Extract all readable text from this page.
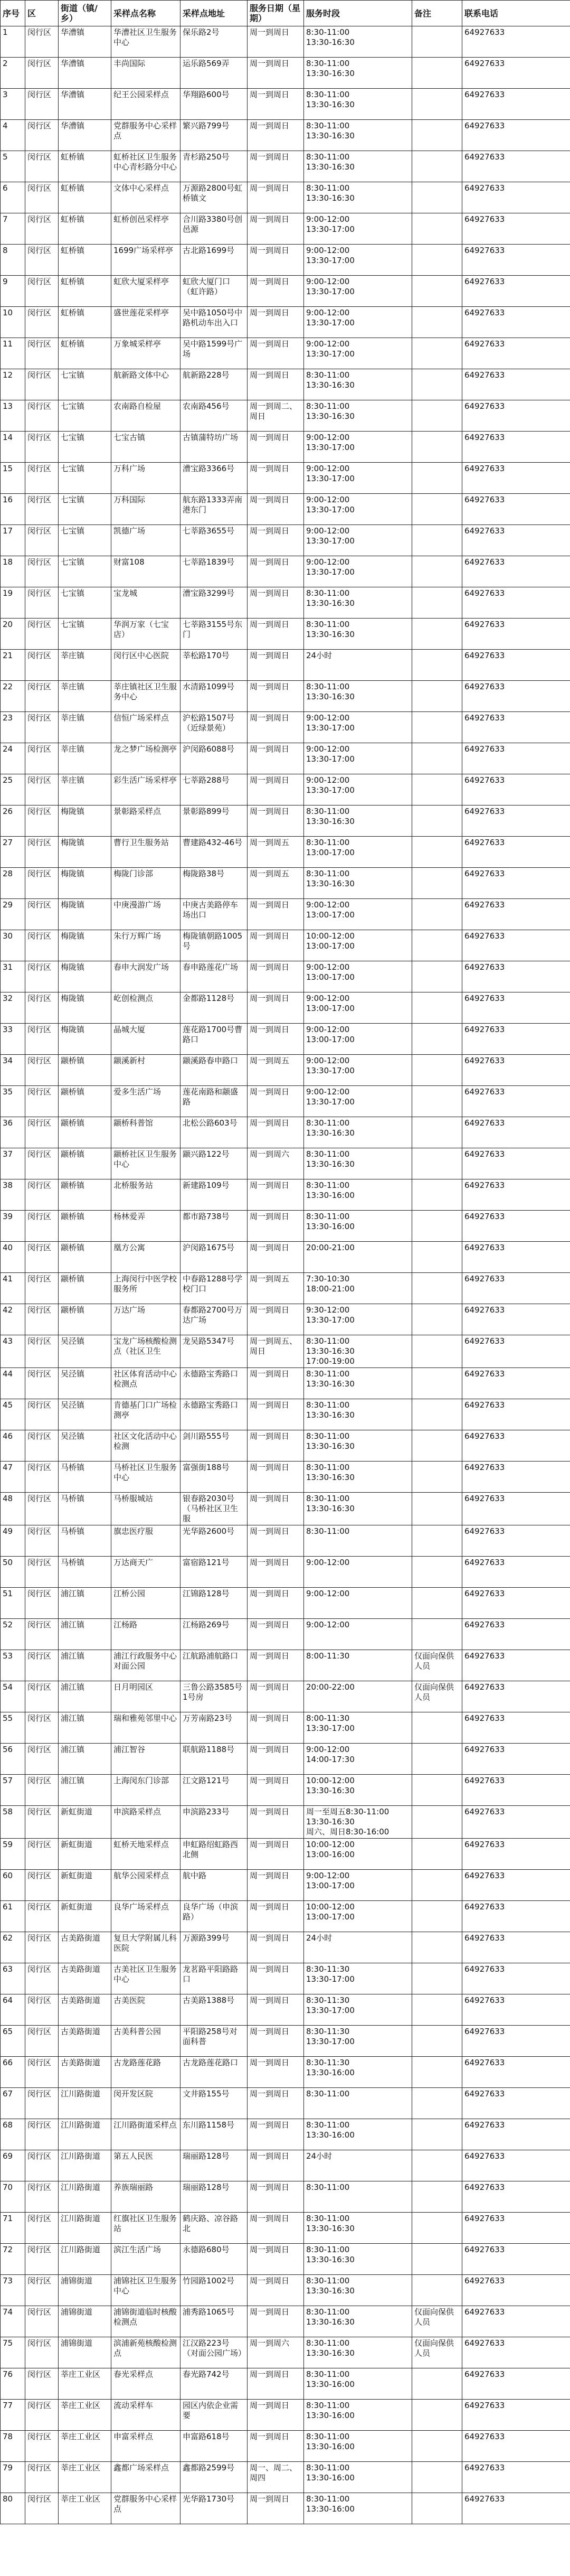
序号	区	街道（镇/乡）	采样点名称	采样点地址	服务日期（星期）	服务时段	备注	联系电话
1	闵行区	华漕镇	华漕社区卫生服务中心	保乐路2号	周一到周日	8:30-11:00
13:30-16:30		64927633
2	闵行区	华漕镇	丰尚国际	运乐路569弄	周一到周日	8:30-11:00
13:30-16:30		64927633
3	闵行区	华漕镇	纪王公园采样点	华翔路600号	周一到周日	8:30-11:00
13:30-16:30		64927633
4	闵行区	华漕镇	党群服务中心采样点	繁兴路799号	周一到周日	8:30-11:00
13:30-16:30		64927633
5	闵行区	虹桥镇	虹桥社区卫生服务中心青杉路分中心	青杉路250号	周一到周日	8:30-11:00
13:30-16:30		64927633
6	闵行区	虹桥镇	文体中心采样点	万源路2800号虹桥镇文	周一到周日	8:30-11:00
13:30-16:30		64927633
7	闵行区	虹桥镇	虹桥创邑采样亭	合川路3380号创邑源	周一到周日	9:00-12:00
13:30-17:00		64927633
8	闵行区	虹桥镇	1699广场采样亭	古北路1699号	周一到周日	9:00-12:00
13:30-17:00		64927633
9	闵行区	虹桥镇	虹欣大厦采样亭	虹欣大厦门口（虹许路）	周一到周日	9:00-12:00
13:30-17:00		64927633
10	闵行区	虹桥镇	盛世莲花采样亭	吴中路1050号中路机动车出入口	周一到周日	9:00-12:00
13:30-17:00		64927633
11	闵行区	虹桥镇	万象城采样亭	吴中路1599号广场	周一到周日	9:00-12:00
13:30-17:00		64927633
12	闵行区	七宝镇	航新路文体中心	航新路228号	周一到周日	8:30-11:00
13:30-16:30		64927633
13	闵行区	七宝镇	农南路自检屋	农南路456号	周一到周二、周日	8:30-11:00
13:30-16:30		64927633
14	闵行区	七宝镇	七宝古镇	古镇蒲特坊广场	周一到周日	9:00-12:00
13:30-17:00		64927633
15	闵行区	七宝镇	万科广场	漕宝路3366号	周一到周日	9:00-12:00
13:30-17:00		64927633
16	闵行区	七宝镇	万科国际	航东路1333弄南港东门	周一到周日	9:00-12:00
13:30-17:00		64927633
17	闵行区	七宝镇	凯德广场	七莘路3655号	周一到周日	9:00-12:00
13:30-17:00		64927633
18	闵行区	七宝镇	财富108	七莘路1839号	周一到周日	9:00-12:00
13:30-17:00		64927633
19	闵行区	七宝镇	宝龙城	漕宝路3299号	周一到周日	8:30-11:00
13:30-16:30		64927633
20	闵行区	七宝镇	华润万家（七宝店）	七莘路3155号东门	周一到周日	8:30-11:00
13:30-16:30		64927633
21	闵行区	莘庄镇	闵行区中心医院	莘松路170号	周一到周日	24小时		64927633
22	闵行区	莘庄镇	莘庄镇社区卫生服务中心	水清路1099号	周一到周日	8:30-11:00
13:30-16:30		64927633
23	闵行区	莘庄镇	信恒广场采样点	沪松路1507号（近绿景苑）	周一到周日	9:00-12:00
13:30-17:00		64927633
24	闵行区	莘庄镇	龙之梦广场检测亭	沪闵路6088号	周一到周日	9:00-12:00
13:30-17:00		64927633
25	闵行区	莘庄镇	彩生活广场采样亭	七莘路288号	周一到周日	9:00-12:00
13:30-17:00		64927633
26	闵行区	梅陇镇	景彰路采样点	景彰路899号	周一到周日	8:30-11:00
13:30-16:30		64927633
27	闵行区	梅陇镇	曹行卫生服务站	曹建路432-46号	周一到周五	8:30-11:00
13:00-17:00		64927633
28	闵行区	梅陇镇	梅陇门诊部	梅陇路38号	周一到周五	8:30-11:00
13:30-16:30		64927633
29	闵行区	梅陇镇	中庚漫游广场	中庚古美路停车场出口	周一到周日	9:00-12:00
13:00-17:00		64927633
30	闵行区	梅陇镇	朱行万辉广场	梅陇镇朝路1005号	周一到周日	10:00-12:00
13:00-17:00		64927633
31	闵行区	梅陇镇	春申大润发广场	春申路莲花广场	周一到周日	9:00-12:00
13:00-17:00		64927633
32	闵行区	梅陇镇	屹创检测点	金都路1128号	周一到周日	9:00-12:00
13:00-17:00		64927633
33	闵行区	梅陇镇	晶城大厦	莲花路1700号曹路口	周一到周日	9:00-12:00
13:00-17:00		64927633
34	闵行区	颛桥镇	颛溪新村	颛溪路春申路口	周一到周五	9:00-12:00
13:30-17:00		64927633
35	闵行区	颛桥镇	爱多生活广场	莲花南路和颛盛路	周一到周日	9:00-12:00
13:30-17:00		64927633
36	闵行区	颛桥镇	颛桥科普馆	北松公路603号	周一到周日	8:30-11:00
13:30-16:30		64927633
37	闵行区	颛桥镇	颛桥社区卫生服务中心	颛兴路122号	周一到周六	8:30-11:00
13:30-16:30		64927633
38	闵行区	颛桥镇	北桥服务站	新建路109号	周一到周日	8:30-11:00
13:30-16:00		64927633
39	闵行区	颛桥镇	杨林爱弄	都市路738号	周一到周日	8:30-11:00
13:30-16:00		64927633
40	闵行区	颛桥镇	凰方公寓	沪闵路1675号	周一到周日	20:00-21:00		64927633
41	闵行区	颛桥镇	上海闵行中医学校服务所	中春路1288号学校门口	周一到周五	7:30-10:30
18:00-21:00		64927633
42	闵行区	颛桥镇	万达广场	春都路2700号万达广场	周一到周日	9:30-12:00
13:30-17:00		64927633
43	闵行区	吴泾镇	宝龙广场核酸检测点（社区卫生	龙吴路5347号	周一到周五、周日	8:30-11:00
13:30-16:30
17:00-19:00		64927633
44	闵行区	吴泾镇	社区体育活动中心检测点	永德路宝秀路口	周一到周日	8:30-11:00
13:30-16:30		64927633
45	闵行区	吴泾镇	肯德基门口广场检测亭	永德路宝秀路口	周一到周日	8:30-11:00
13:30-16:30		64927633
46	闵行区	吴泾镇	社区文化活动中心检测	剑川路555号	周一到周日	8:30-11:00
13:30-16:30		64927633
47	闵行区	马桥镇	马桥社区卫生服务中心	富强街188号	周一到周日	8:30-11:00
13:30-16:30		64927633
48	闵行区	马桥镇	马桥服城站	银春路2030号（马桥社区卫生服	周一到周日	8:30-11:00
13:30-16:30		64927633
49	闵行区	马桥镇	旗忠医疗服	光华路2600号	周一到周日	8:30-11:00		64927633
50	闵行区	马桥镇	万达商天广	富宿路121号	周一到周日	9:00-12:00		64927633
51	闵行区	浦江镇	江桥公园	江锦路128号	周一到周日	9:00-12:00		64927633
52	闵行区	浦江镇	江杨路	江杨路269号	周一到周日	9:00-12:00		64927633
53	闵行区	浦江镇	浦江行政服务中心对面公园	江航路浦航路口	周一到周日	8:00-11:30	仅面向保供人员	64927633
54	闵行区	浦江镇	日月明园区	三鲁公路3585号1号房	周一到周日	20:00-22:00	仅面向保供人员	64927633
55	闵行区	浦江镇	瑞和雅苑邻里中心	万芳南路23号	周一到周日	8:00-11:30
13:30-17:00		64927633
56	闵行区	浦江镇	浦江智谷	联航路1188号	周一到周日	9:00-12:00
14:00-17:30		64927633
57	闵行区	浦江镇	上海闵东门诊部	江文路121号	周一到周日	10:00-12:00
13:30-16:30		64927633
58	闵行区	新虹街道	申滨路采样点	申滨路233号	周一到周日	周一至周五8:30-11:00
13:30-16:30
周六、周日8:30-16:00		64927633
59	闵行区	新虹街道	虹桥天地采样点	申虹路绍虹路西北侧	周一到周日	10:00-12:00
13:00-16:00		64927633
60	闵行区	新虹街道	航华公园采样点	航中路	周一到周日	9:00-12:00
13:00-17:00		64927633
61	闵行区	新虹街道	良华广场采样点	良华广场（申滨路）	周一到周日	10:00-12:00
13:00-17:00		64927633
62	闵行区	古美路街道	复旦大学附属儿科医院	万源路399号	周一到周日	24小时		64927633
63	闵行区	古美路街道	古美社区卫生服务中心	龙茗路平阳路路口	周一到周日	8:30-11:30
13:30-17:00		64927633
64	闵行区	古美路街道	古美医院	古美路1388号	周一到周日	8:30-11:30
13:30-17:00		64927633
65	闵行区	古美路街道	古美科普公园	平阳路258号对面科普	周一到周日	8:30-11:30
13:30-17:00		64927633
66	闵行区	古美路街道	古龙路莲花路	古龙路莲花路口	周一到周日	8:30-11:30
13:30-16:00		64927633
67	闵行区	江川路街道	闵开发区院	文井路155号	周一到周日	8:30-11:00		64927633
68	闵行区	江川路街道	江川路街道采样点	东川路1158号	周一到周日	8:30-11:00
13:30-16:00		64927633
69	闵行区	江川路街道	第五人民医	瑞丽路128号	周一到周日	24小时		64927633
70	闵行区	江川路街道	养族瑞丽路	瑞丽路128号	周一到周日	8:30-11:00		64927633
71	闵行区	江川路街道	红旗社区卫生服务站	鹤庆路、凉谷路北	周一到周日	8:30-11:00
13:30-16:30		64927633
72	闵行区	江川路街道	滨江生活广场	永德路680号	周一到周日	8:30-11:00
13:30-16:30		64927633
73	闵行区	浦锦街道	浦锦社区卫生服务中心	竹园路1002号	周一到周日	8:30-11:00
13:30-16:30		64927633
74	闵行区	浦锦街道	浦锦街道临时核酸检测点	浦秀路1065号	周一到周日	8:30-11:00
13:30-16:30	仅面向保供人员	64927633
75	闵行区	浦锦街道	滨浦新苑核酸检测点	江汉路223号（对面公园广场）	周一到周六	8:30-11:00
13:30-16:30	仅面向保供人员	64927633
76	闵行区	莘庄工业区	春光采样点	春光路742号	周一到周日	8:30-11:00
13:30-16:00		64927633
77	闵行区	莘庄工业区	流动采样车	园区内依企业需要	周一到周日	8:30-11:00
13:30-16:00		64927633
78	闵行区	莘庄工业区	申富采样点	申富路618号	周一到周日	8:30-11:00
13:30-16:00		64927633
79	闵行区	莘庄工业区	鑫都广场采样点	鑫都路2599号	周一、周二、周四	8:30-11:00
13:30-16:00		64927633
80	闵行区	莘庄工业区	党群服务中心采样点	光华路1730号	周一到周日	8:30-11:00
13:30-16:00		64927633
